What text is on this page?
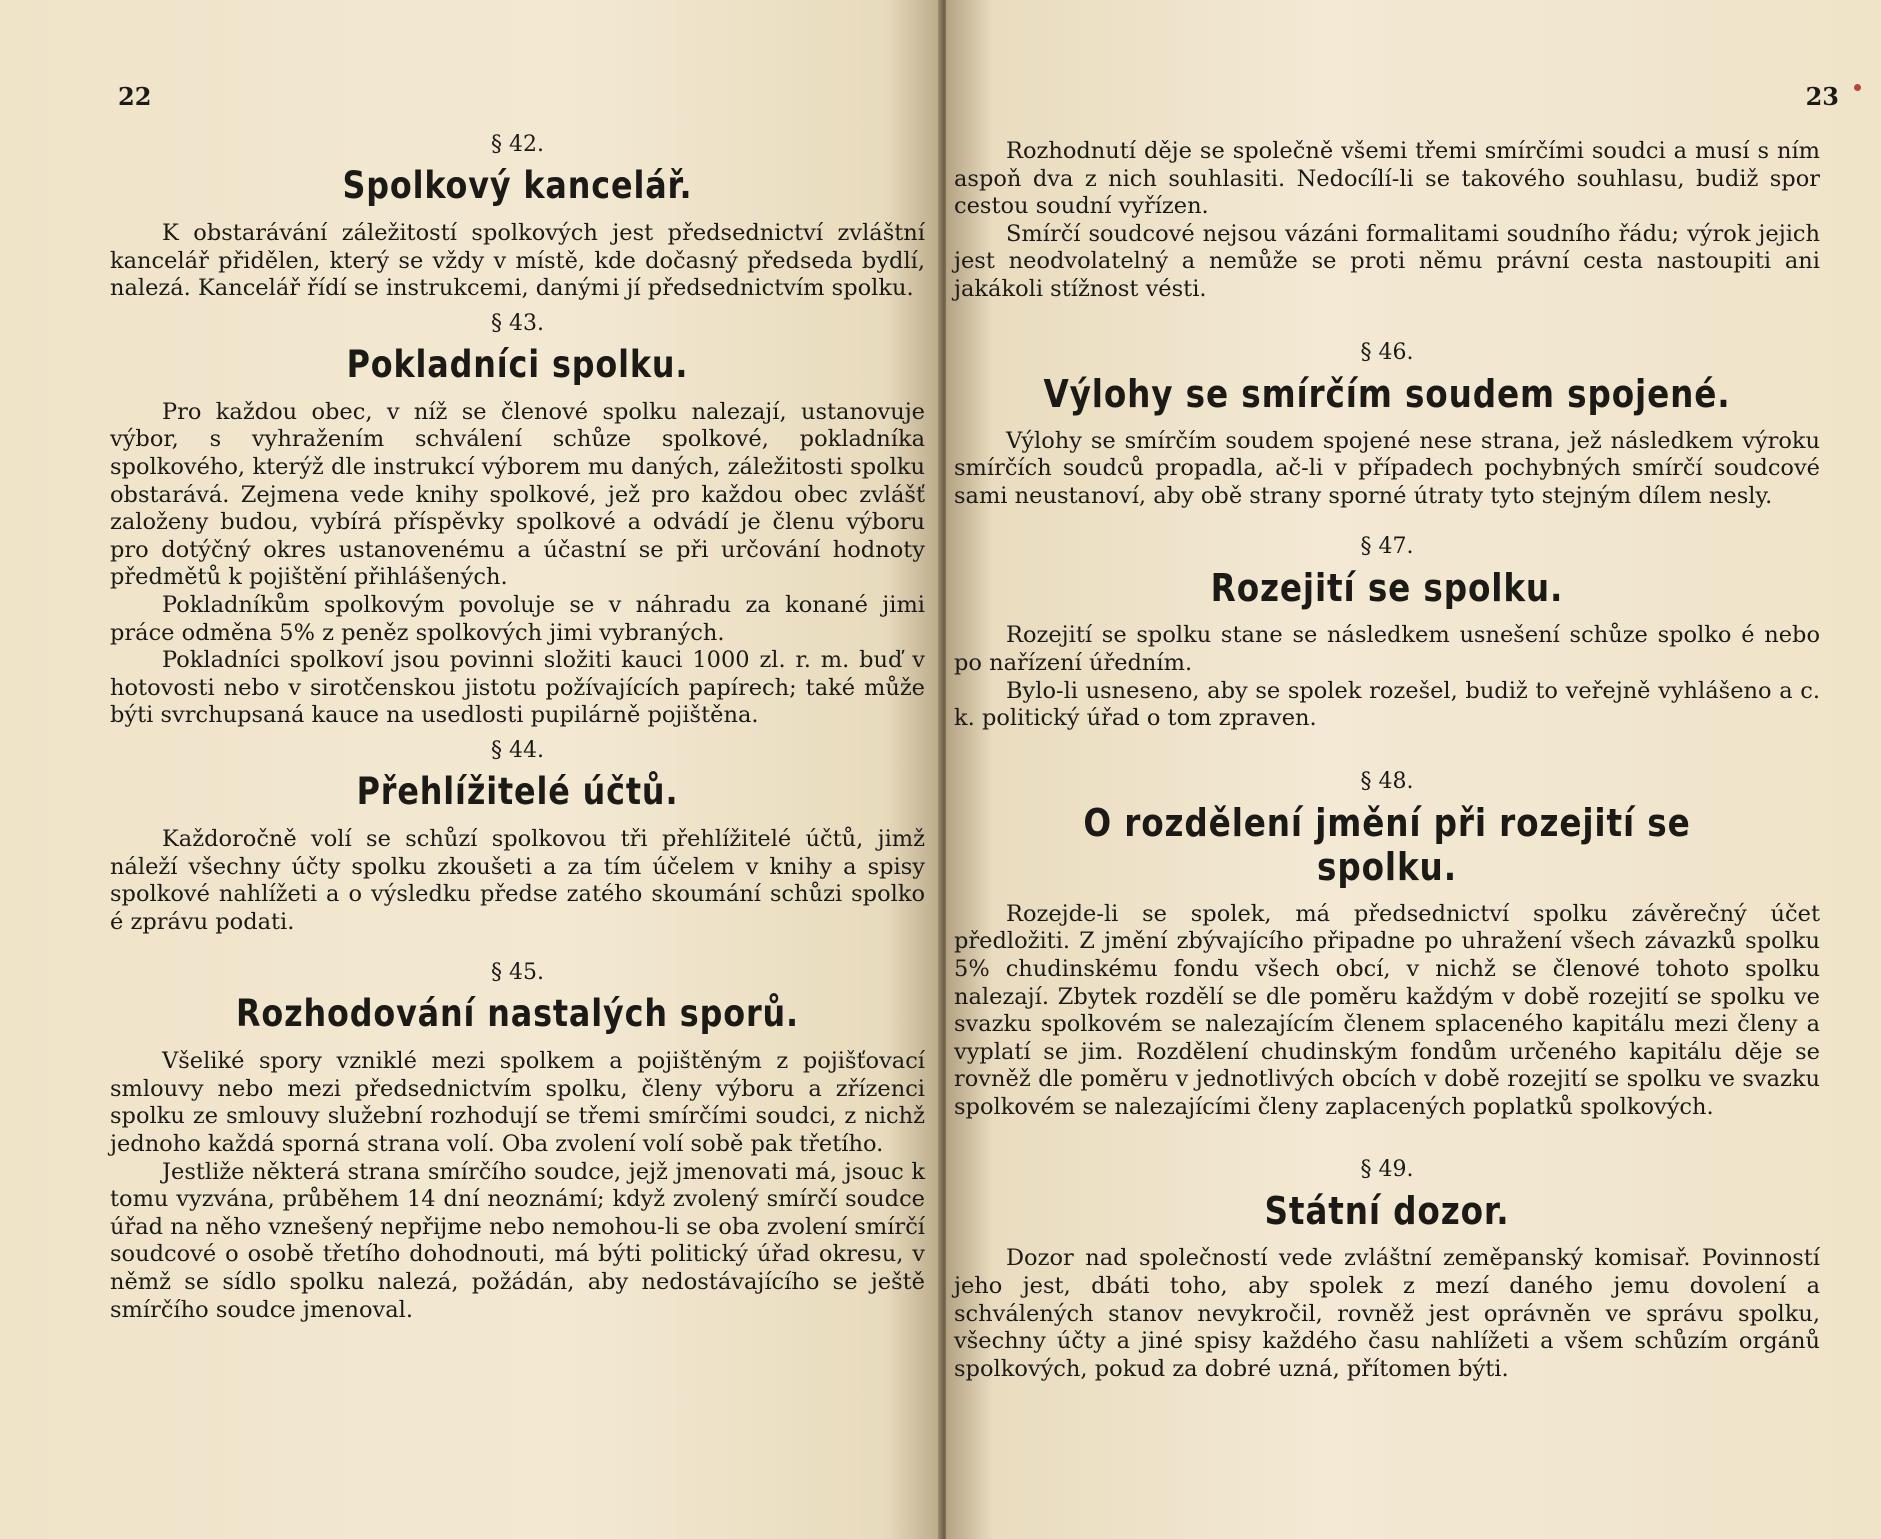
22
§ 42.
Spolkový kancelář.

K obstarávání záležitostí spolkových jest předsednictví zvláštní kancelář přidělen, který se vždy v místě, kde dočasný předseda bydlí, nalezá. Kancelář řídí se instrukcemi, danými jí předsednictvím spolku.

§ 43.
Pokladníci spolku.

Pro každou obec, v níž se členové spolku nalezají, ustanovuje výbor, s vyhražením schválení schůze spolkové, pokladníka spolkového, kterýž dle instrukcí výborem mu daných, záležitosti spolku obstarává. Zejmena vede knihy spolkové, jež pro každou obec zvlášť založeny budou, vybírá příspěvky spolkové a odvádí je členu výboru pro dotýčný okres ustanovenému a účastní se při určování hodnoty předmětů k pojištění přihlášených.

Pokladníkům spolkovým povoluje se v náhradu za konané jimi práce odměna 5% z peněz spolkových jimi vybraných.

Pokladníci spolkoví jsou povinni složiti kauci 1000 zl. r. m. buď v hotovosti nebo v sirotčenskou jistotu požívajících papírech; také může býti svrchupsaná kauce na usedlosti pupilárně pojištěna.

§ 44.
Přehlížitelé účtů.

Každoročně volí se schůzí spolkovou tři přehlížitelé účtů, jimž náleží všechny účty spolku zkoušeti a za tím účelem v knihy a spisy spolkové nahlížeti a o výsledku předse zatého skoumání schůzi spolko é zprávu podati.

§ 45.
Rozhodování nastalých sporů.

Všeliké spory vzniklé mezi spolkem a pojištěným z pojišťovací smlouvy nebo mezi předsednictvím spolku, členy výboru a zřízenci spolku ze smlouvy služební rozhodují se třemi smírčími soudci, z nichž jednoho každá sporná strana volí. Oba zvolení volí sobě pak třetího.

Jestliže některá strana smírčího soudce, jejž jmenovati má, jsouc k tomu vyzvána, průběhem 14 dní neoznámí; když zvolený smírčí soudce úřad na něho vznešený nepřijme nebo nemohou-li se oba zvolení smírčí soudcové o osobě třetího dohodnouti, má býti politický úřad okresu, v němž se sídlo spolku nalezá, požádán, aby nedostávajícího se ještě smírčího soudce jmenoval.

23

Rozhodnutí děje se společně všemi třemi smírčími soudci a musí s ním aspoň dva z nich souhlasiti. Nedocílí-li se takového souhlasu, budiž spor cestou soudní vyřízen.

Smírčí soudcové nejsou vázáni formalitami soudního řádu; výrok jejich jest neodvolatelný a nemůže se proti němu právní cesta nastoupiti ani jakákoli stížnost vésti.

§ 46.
Výlohy se smírčím soudem spojené.

Výlohy se smírčím soudem spojené nese strana, jež následkem výroku smírčích soudců propadla, ač-li v případech pochybných smírčí soudcové sami neustanoví, aby obě strany sporné útraty tyto stejným dílem nesly.

§ 47.
Rozejití se spolku.

Rozejití se spolku stane se následkem usnešení schůze spolko é nebo po nařízení úředním.

Bylo-li usneseno, aby se spolek rozešel, budiž to veřejně vyhlášeno a c. k. politický úřad o tom zpraven.

§ 48.
O rozdělení jmění při rozejití se spolku.

Rozejde-li se spolek, má předsednictví spolku závěrečný účet předložiti. Z jmění zbývajícího připadne po uhražení všech závazků spolku 5% chudinskému fondu všech obcí, v nichž se členové tohoto spolku nalezají. Zbytek rozdělí se dle poměru každým v době rozejití se spolku ve svazku spolkovém se nalezajícím členem splaceného kapitálu mezi členy a vyplatí se jim. Rozdělení chudinským fondům určeného kapitálu děje se rovněž dle poměru v jednotlivých obcích v době rozejití se spolku ve svazku spolkovém se nalezajícími členy zaplacených poplatků spolkových.

§ 49.
Státní dozor.

Dozor nad společností vede zvláštní zeměpanský komisař. Povinností jeho jest, dbáti toho, aby spolek z mezí daného jemu dovolení a schválených stanov nevykročil, rovněž jest oprávněn ve správu spolku, všechny účty a jiné spisy každého času nahlížeti a všem schůzím orgánů spolkových, pokud za dobré uzná, přítomen býti.
